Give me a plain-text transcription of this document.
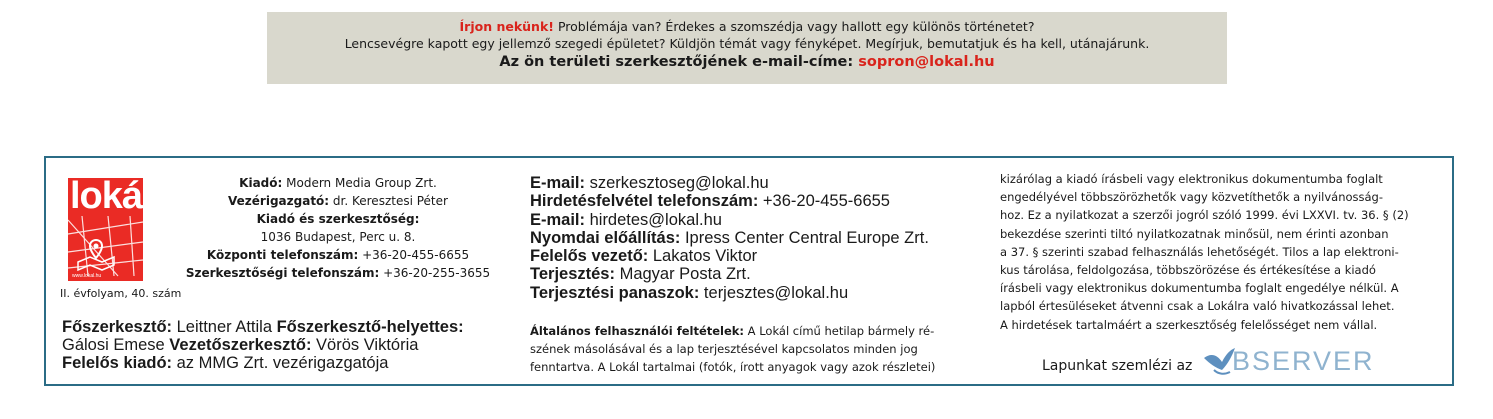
Írjon nekünk! Problémája van? Érdekes a szomszédja vagy hallott egy különös történetet?
Lencsevégre kapott egy jellemző szegedi épületet? Küldjön témát vagy fényképet. Megírjuk, bemutatjuk és ha kell, utánajárunk.
Az ön területi szerkesztőjének e-mail-címe: sopron@lokal.hu
lokál
www.lokal.hu
Kiadó: Modern Media Group Zrt.
Vezérigazgató: dr. Keresztesi Péter
Kiadó és szerkesztőség:
1036 Budapest, Perc u. 8.
Központi telefonszám: +36-20-455-6655
Szerkesztőségi telefonszám: +36-20-255-3655
II. évfolyam, 40. szám
Főszerkesztő: Leittner Attila Főszerkesztő-helyettes:
Gálosi Emese Vezetőszerkesztő: Vörös Viktória
Felelős kiadó: az MMG Zrt. vezérigazgatója
E-mail: szerkesztoseg@lokal.hu
Hirdetésfelvétel telefonszám: +36-20-455-6655
E-mail: hirdetes@lokal.hu
Nyomdai előállítás: Ipress Center Central Europe Zrt.
Felelős vezető: Lakatos Viktor
Terjesztés: Magyar Posta Zrt.
Terjesztési panaszok: terjesztes@lokal.hu
Általános felhasználói feltételek: A Lokál című hetilap bármely ré-
szének másolásával és a lap terjesztésével kapcsolatos minden jog
fenntartva. A Lokál tartalmai (fotók, írott anyagok vagy azok részletei)
kizárólag a kiadó írásbeli vagy elektronikus dokumentumba foglalt
engedélyével többszörözhetők vagy közvetíthetők a nyilvánosság-
hoz. Ez a nyilatkozat a szerzői jogról szóló 1999. évi LXXVI. tv. 36. § (2)
bekezdése szerinti tiltó nyilatkozatnak minősül, nem érinti azonban
a 37. § szerinti szabad felhasználás lehetőségét. Tilos a lap elektroni-
kus tárolása, feldolgozása, többszörözése és értékesítése a kiadó
írásbeli vagy elektronikus dokumentumba foglalt engedélye nélkül. A
lapból értesüléseket átvenni csak a Lokálra való hivatkozással lehet.
A hirdetések tartalmáért a szerkesztőség felelősséget nem vállal.
Lapunkat szemlézi az BSERVER
